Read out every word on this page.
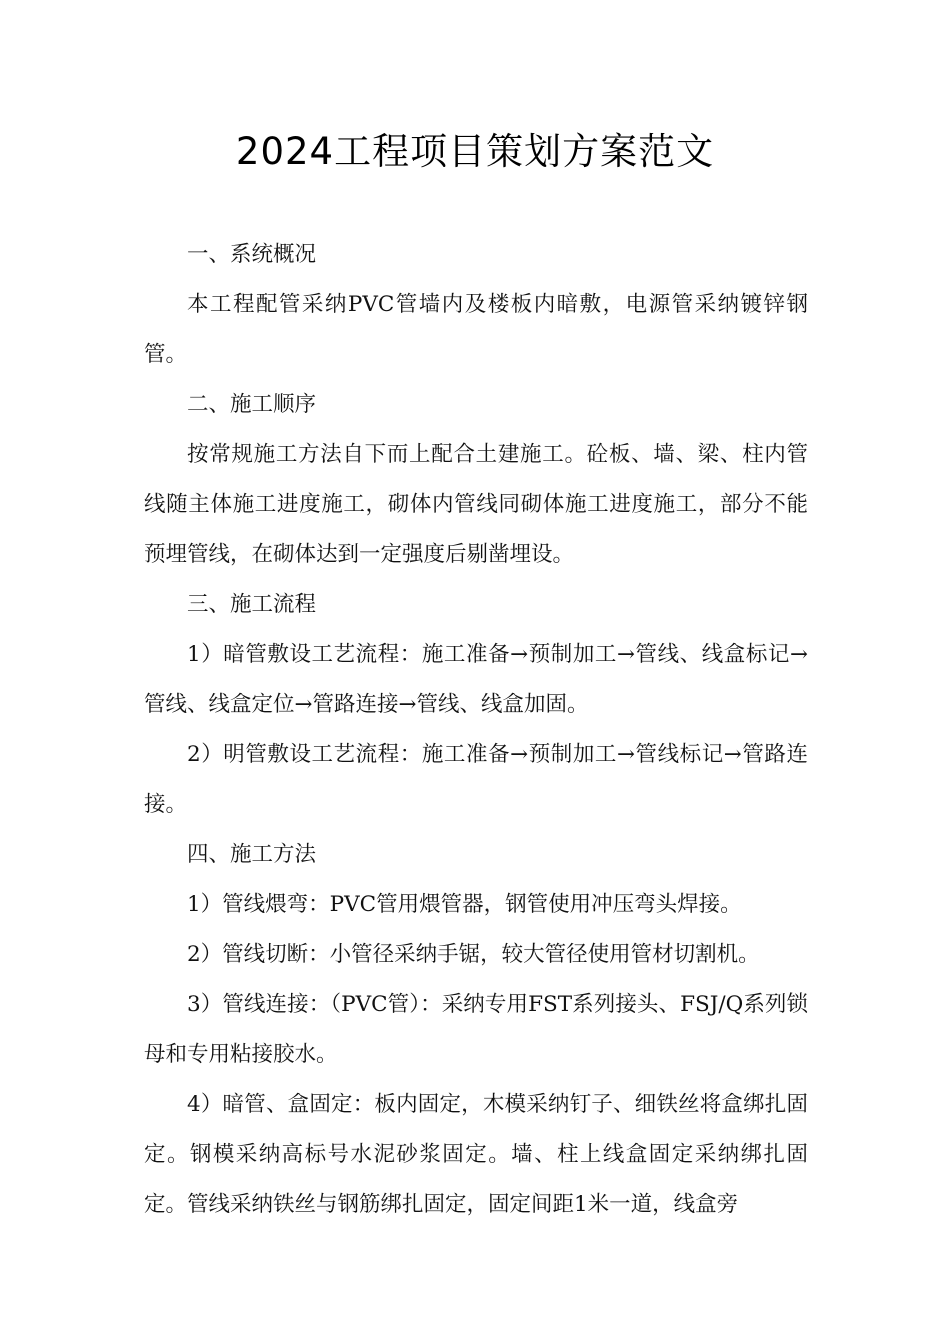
2024工程项目策划方案范文

一、系统概况

本工程配管采纳PVC管墙内及楼板内暗敷，电源管采纳镀锌钢管。

二、施工顺序

按常规施工方法自下而上配合土建施工。砼板、墙、梁、柱内管线随主体施工进度施工，砌体内管线同砌体施工进度施工，部分不能预埋管线，在砌体达到一定强度后剔凿埋设。

三、施工流程

1）暗管敷设工艺流程：施工准备→预制加工→管线、线盒标记→管线、线盒定位→管路连接→管线、线盒加固。

2）明管敷设工艺流程：施工准备→预制加工→管线标记→管路连接。

四、施工方法

1）管线煨弯：PVC管用煨管器，钢管使用冲压弯头焊接。

2）管线切断：小管径采纳手锯，较大管径使用管材切割机。

3）管线连接：（PVC管）：采纳专用FST系列接头、FSJ/Q系列锁母和专用粘接胶水。

4）暗管、盒固定：板内固定，木模采纳钉子、细铁丝将盒绑扎固定。钢模采纳高标号水泥砂浆固定。墙、柱上线盒固定采纳绑扎固定。管线采纳铁丝与钢筋绑扎固定，固定间距1米一道，线盒旁
